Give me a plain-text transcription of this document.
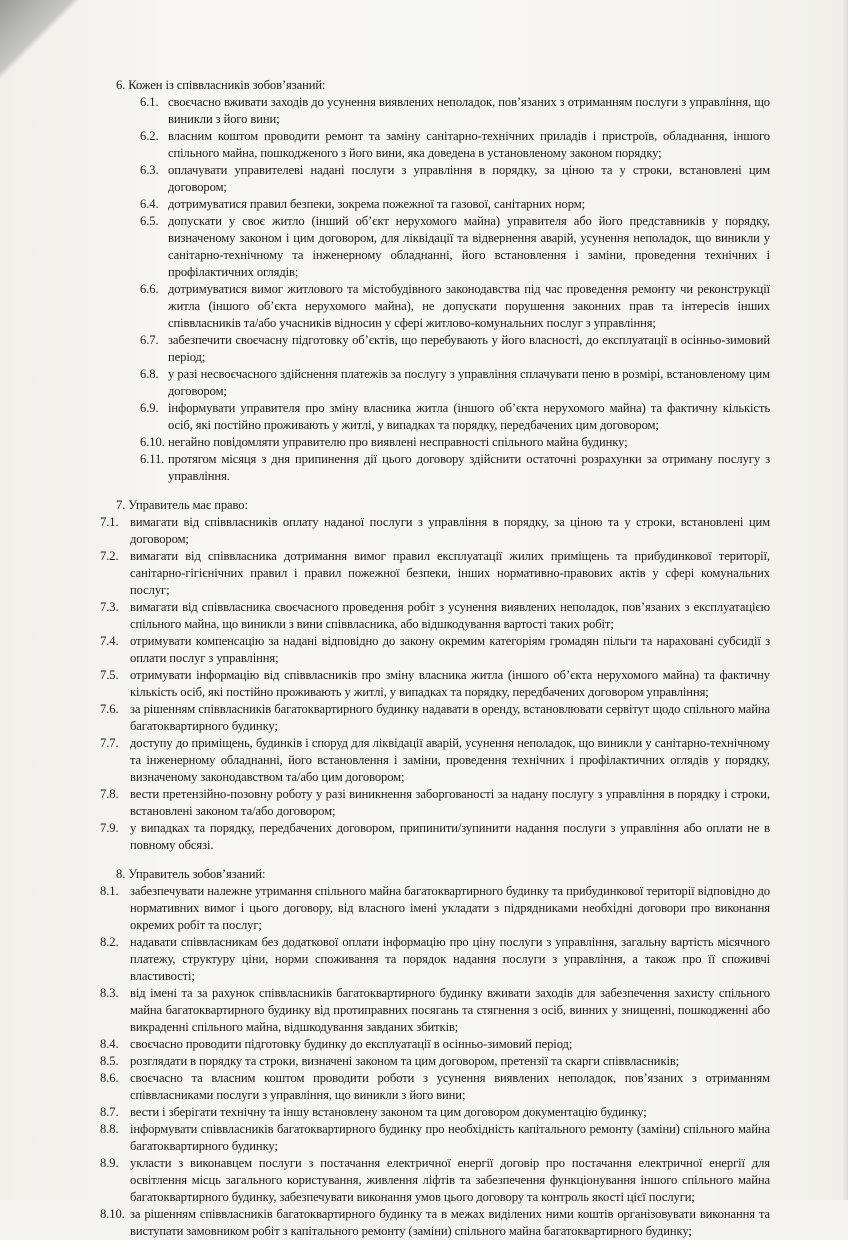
6. Кожен із співвласників зобов’язаний:

6.1. своєчасно вживати заходів до усунення виявлених неполадок, пов’язаних з отриманням послуги з управління, що виникли з його вини;

6.2. власним коштом проводити ремонт та заміну санітарно-технічних приладів і пристроїв, обладнання, іншого спільного майна, пошкодженого з його вини, яка доведена в установленому законом порядку;

6.3. оплачувати управителеві надані послуги з управління в порядку, за ціною та у строки, встановлені цим договором;

6.4. дотримуватися правил безпеки, зокрема пожежної та газової, санітарних норм;

6.5. допускати у своє житло (інший об’єкт нерухомого майна) управителя або його представників у порядку, визначеному законом і цим договором, для ліквідації та відвернення аварій, усунення неполадок, що виникли у санітарно-технічному та інженерному обладнанні, його встановлення і заміни, проведення технічних і профілактичних оглядів;

6.6. дотримуватися вимог житлового та містобудівного законодавства під час проведення ремонту чи реконструкції житла (іншого об’єкта нерухомого майна), не допускати порушення законних прав та інтересів інших співвласників та/або учасників відносин у сфері житлово-комунальних послуг з управління;

6.7. забезпечити своєчасну підготовку об’єктів, що перебувають у його власності, до експлуатації в осінньо-зимовий період;

6.8. у разі несвоєчасного здійснення платежів за послугу з управління сплачувати пеню в розмірі, встановленому цим договором;

6.9. інформувати управителя про зміну власника житла (іншого об’єкта нерухомого майна) та фактичну кількість осіб, які постійно проживають у житлі, у випадках та порядку, передбачених цим договором;

6.10. негайно повідомляти управителю про виявлені несправності спільного майна будинку;

6.11. протягом місяця з дня припинення дії цього договору здійснити остаточні розрахунки за отриману послугу з управління.

7. Управитель має право:

7.1. вимагати від співвласників оплату наданої послуги з управління в порядку, за ціною та у строки, встановлені цим договором;

7.2. вимагати від співвласника дотримання вимог правил експлуатації жилих приміщень та прибудинкової території, санітарно-гігієнічних правил і правил пожежної безпеки, інших нормативно-правових актів у сфері комунальних послуг;

7.3. вимагати від співвласника своєчасного проведення робіт з усунення виявлених неполадок, пов’язаних з експлуатацією спільного майна, що виникли з вини співвласника, або відшкодування вартості таких робіт;

7.4. отримувати компенсацію за надані відповідно до закону окремим категоріям громадян пільги та нараховані субсидії з оплати послуг з управління;

7.5. отримувати інформацію від співвласників про зміну власника житла (іншого об’єкта нерухомого майна) та фактичну кількість осіб, які постійно проживають у житлі, у випадках та порядку, передбачених договором управління;

7.6. за рішенням співвласників багатоквартирного будинку надавати в оренду, встановлювати сервітут щодо спільного майна багатоквартирного будинку;

7.7. доступу до приміщень, будинків і споруд для ліквідації аварій, усунення неполадок, що виникли у санітарно-технічному та інженерному обладнанні, його встановлення і заміни, проведення технічних і профілактичних оглядів у порядку, визначеному законодавством та/або цим договором;

7.8. вести претензійно-позовну роботу у разі виникнення заборгованості за надану послугу з управління в порядку і строки, встановлені законом та/або договором;

7.9. у випадках та порядку, передбачених договором, припинити/зупинити надання послуги з управління або оплати не в повному обсязі.

8. Управитель зобов’язаний:

8.1. забезпечувати належне утримання спільного майна багатоквартирного будинку та прибудинкової території відповідно до нормативних вимог і цього договору, від власного імені укладати з підрядниками необхідні договори про виконання окремих робіт та послуг;

8.2. надавати співвласникам без додаткової оплати інформацію про ціну послуги з управління, загальну вартість місячного платежу, структуру ціни, норми споживання та порядок надання послуги з управління, а також про її споживчі властивості;

8.3. від імені та за рахунок співвласників багатоквартирного будинку вживати заходів для забезпечення захисту спільного майна багатоквартирного будинку від протиправних посягань та стягнення з осіб, винних у знищенні, пошкодженні або викраденні спільного майна, відшкодування завданих збитків;

8.4. своєчасно проводити підготовку будинку до експлуатації в осінньо-зимовий період;

8.5. розглядати в порядку та строки, визначені законом та цим договором, претензії та скарги співвласників;

8.6. своєчасно та власним коштом проводити роботи з усунення виявлених неполадок, пов’язаних з отриманням співвласниками послуги з управління, що виникли з його вини;

8.7. вести і зберігати технічну та іншу встановлену законом та цим договором документацію будинку;

8.8. інформувати співвласників багатоквартирного будинку про необхідність капітального ремонту (заміни) спільного майна багатоквартирного будинку;

8.9. укласти з виконавцем послуги з постачання електричної енергії договір про постачання електричної енергії для освітлення місць загального користування, живлення ліфтів та забезпечення функціонування іншого спільного майна багатоквартирного будинку, забезпечувати виконання умов цього договору та контроль якості цієї послуги;

8.10. за рішенням співвласників багатоквартирного будинку та в межах виділених ними коштів організовувати виконання та виступати замовником робіт з капітального ремонту (заміни) спільного майна багатоквартирного будинку;
